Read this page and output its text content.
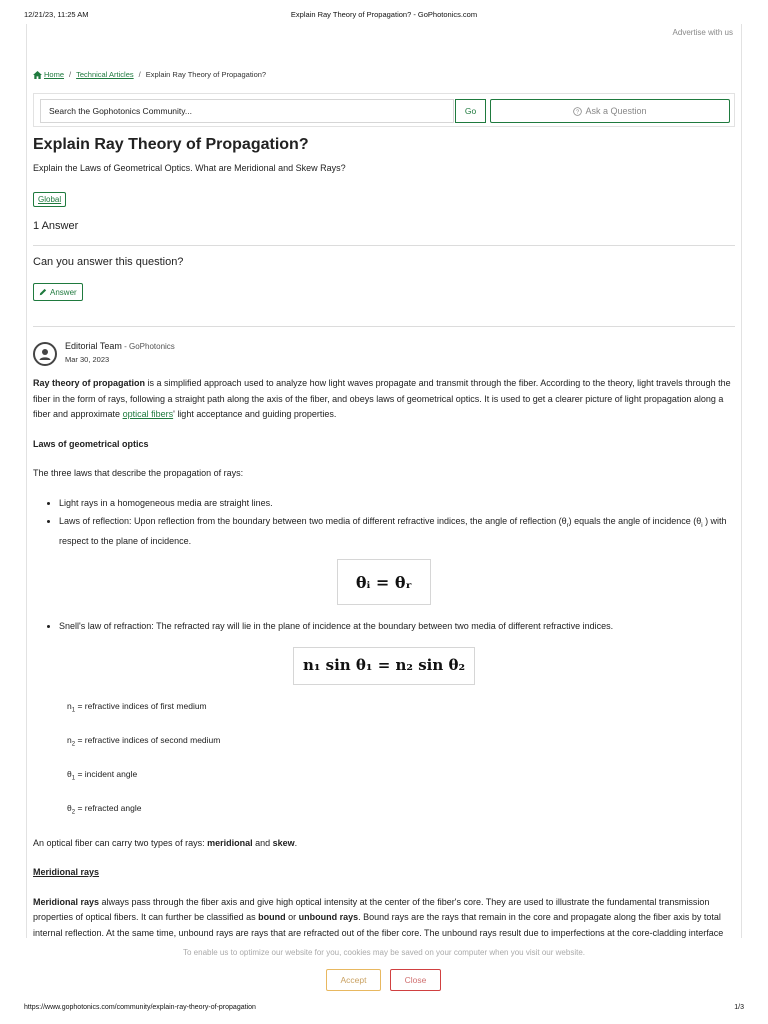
12/21/23, 11:25 AM	Explain Ray Theory of Propagation? - GoPhotonics.com
Advertise with us
Home / Technical Articles / Explain Ray Theory of Propagation?
Search the Gophotonics Community...
Go	? Ask a Question
Explain Ray Theory of Propagation?
Explain the Laws of Geometrical Optics. What are Meridional and Skew Rays?
Global
1 Answer
Can you answer this question?
Answer
Editorial Team - GoPhotonics
Mar 30, 2023

Ray theory of propagation is a simplified approach used to analyze how light waves propagate and transmit through the fiber. According to the theory, light travels through the fiber in the form of rays, following a straight path along the axis of the fiber, and obeys laws of geometrical optics. It is used to get a clearer picture of light propagation along a fiber and approximate optical fibers' light acceptance and guiding properties.

Laws of geometrical optics

The three laws that describe the propagation of rays:

• Light rays in a homogeneous media are straight lines.
• Laws of reflection: Upon reflection from the boundary between two media of different refractive indices, the angle of reflection $(\theta_r)$ equals the angle of incidence ($\theta_i$ ) with respect to the plane of incidence.
θᵢ = θᵣ
• Snell's law of refraction: The refracted ray will lie in the plane of incidence at the boundary between two media of different refractive indices.
n₁ sin θ₁ = n₂ sin θ₂
$n_1$ = refractive indices of first medium
$n_2$ = refractive indices of second medium
$\theta_1$ = incident angle
$\theta_2$ = refracted angle

An optical fiber can carry two types of rays: meridional and skew.

Meridional rays

Meridional rays always pass through the fiber axis and give high optical intensity at the center of the fiber's core. They are used to illustrate the fundamental transmission properties of optical fibers. It can further be classified as bound or unbound rays. Bound rays are the rays that remain in the core and propagate along the fiber axis by total internal reflection. At the same time, unbound rays are rays that are refracted out of the fiber core. The unbound rays result due to imperfections at the core-cladding interface

To enable us to optimize our website for you, cookies may be saved on your computer when you visit our website.
Accept	Close
https://www.gophotonics.com/community/explain-ray-theory-of-propagation	1/3
